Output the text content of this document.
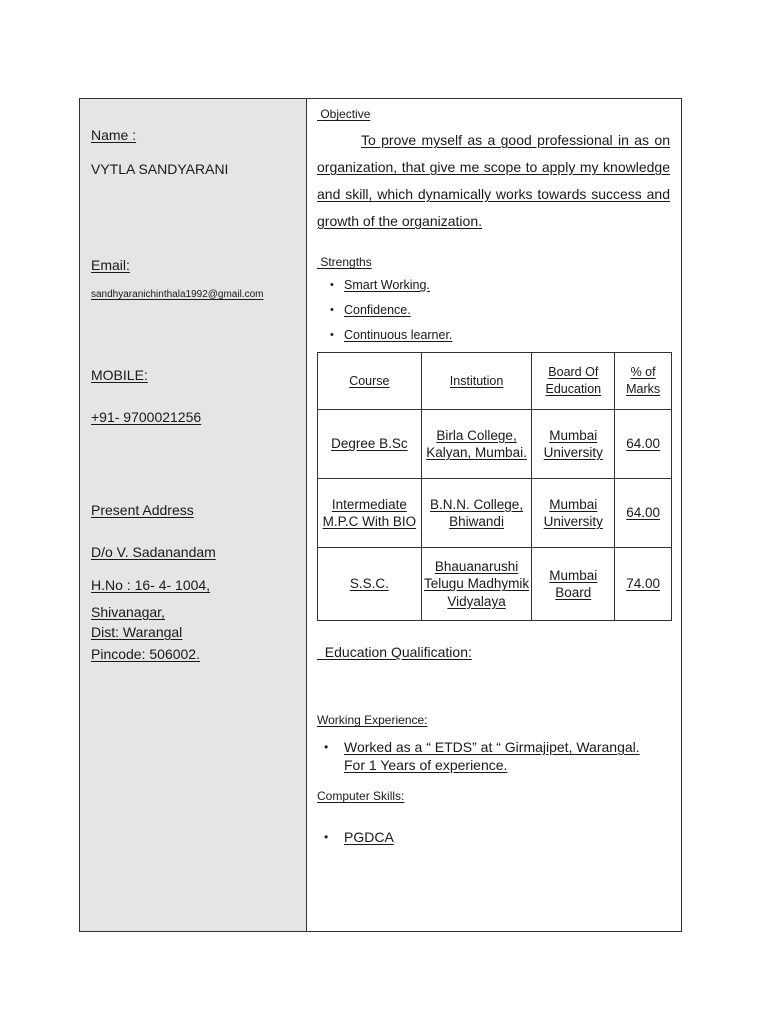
Name :
VYTLA SANDYARANI
Email:
sandhyaranichinthala1992@gmail.com
MOBILE:
+91- 9700021256
Present Address
D/o V. Sadanandam
H.No : 16- 4- 1004,
Shivanagar,
Dist: Warangal
Pincode: 506002.
Objective
To prove myself as a good professional in as on organization, that give me scope to apply my knowledge and skill, which dynamically works towards success and growth of the organization.
Strengths
• Smart Working.
• Confidence.
• Continuous learner.
Course	Institution	Board Of Education	% of Marks
Degree B.Sc	Birla College, Kalyan, Mumbai.	Mumbai University	64.00
Intermediate M.P.C With BIO	B.N.N. College, Bhiwandi	Mumbai University	64.00
S.S.C.	Bhauanarushi Telugu Madhymik Vidyalaya	Mumbai Board	74.00
Education Qualification:
Working Experience:
• Worked as a “ ETDS” at “ Girmajipet, Warangal. For 1 Years of experience.
Computer Skills:
• PGDCA
